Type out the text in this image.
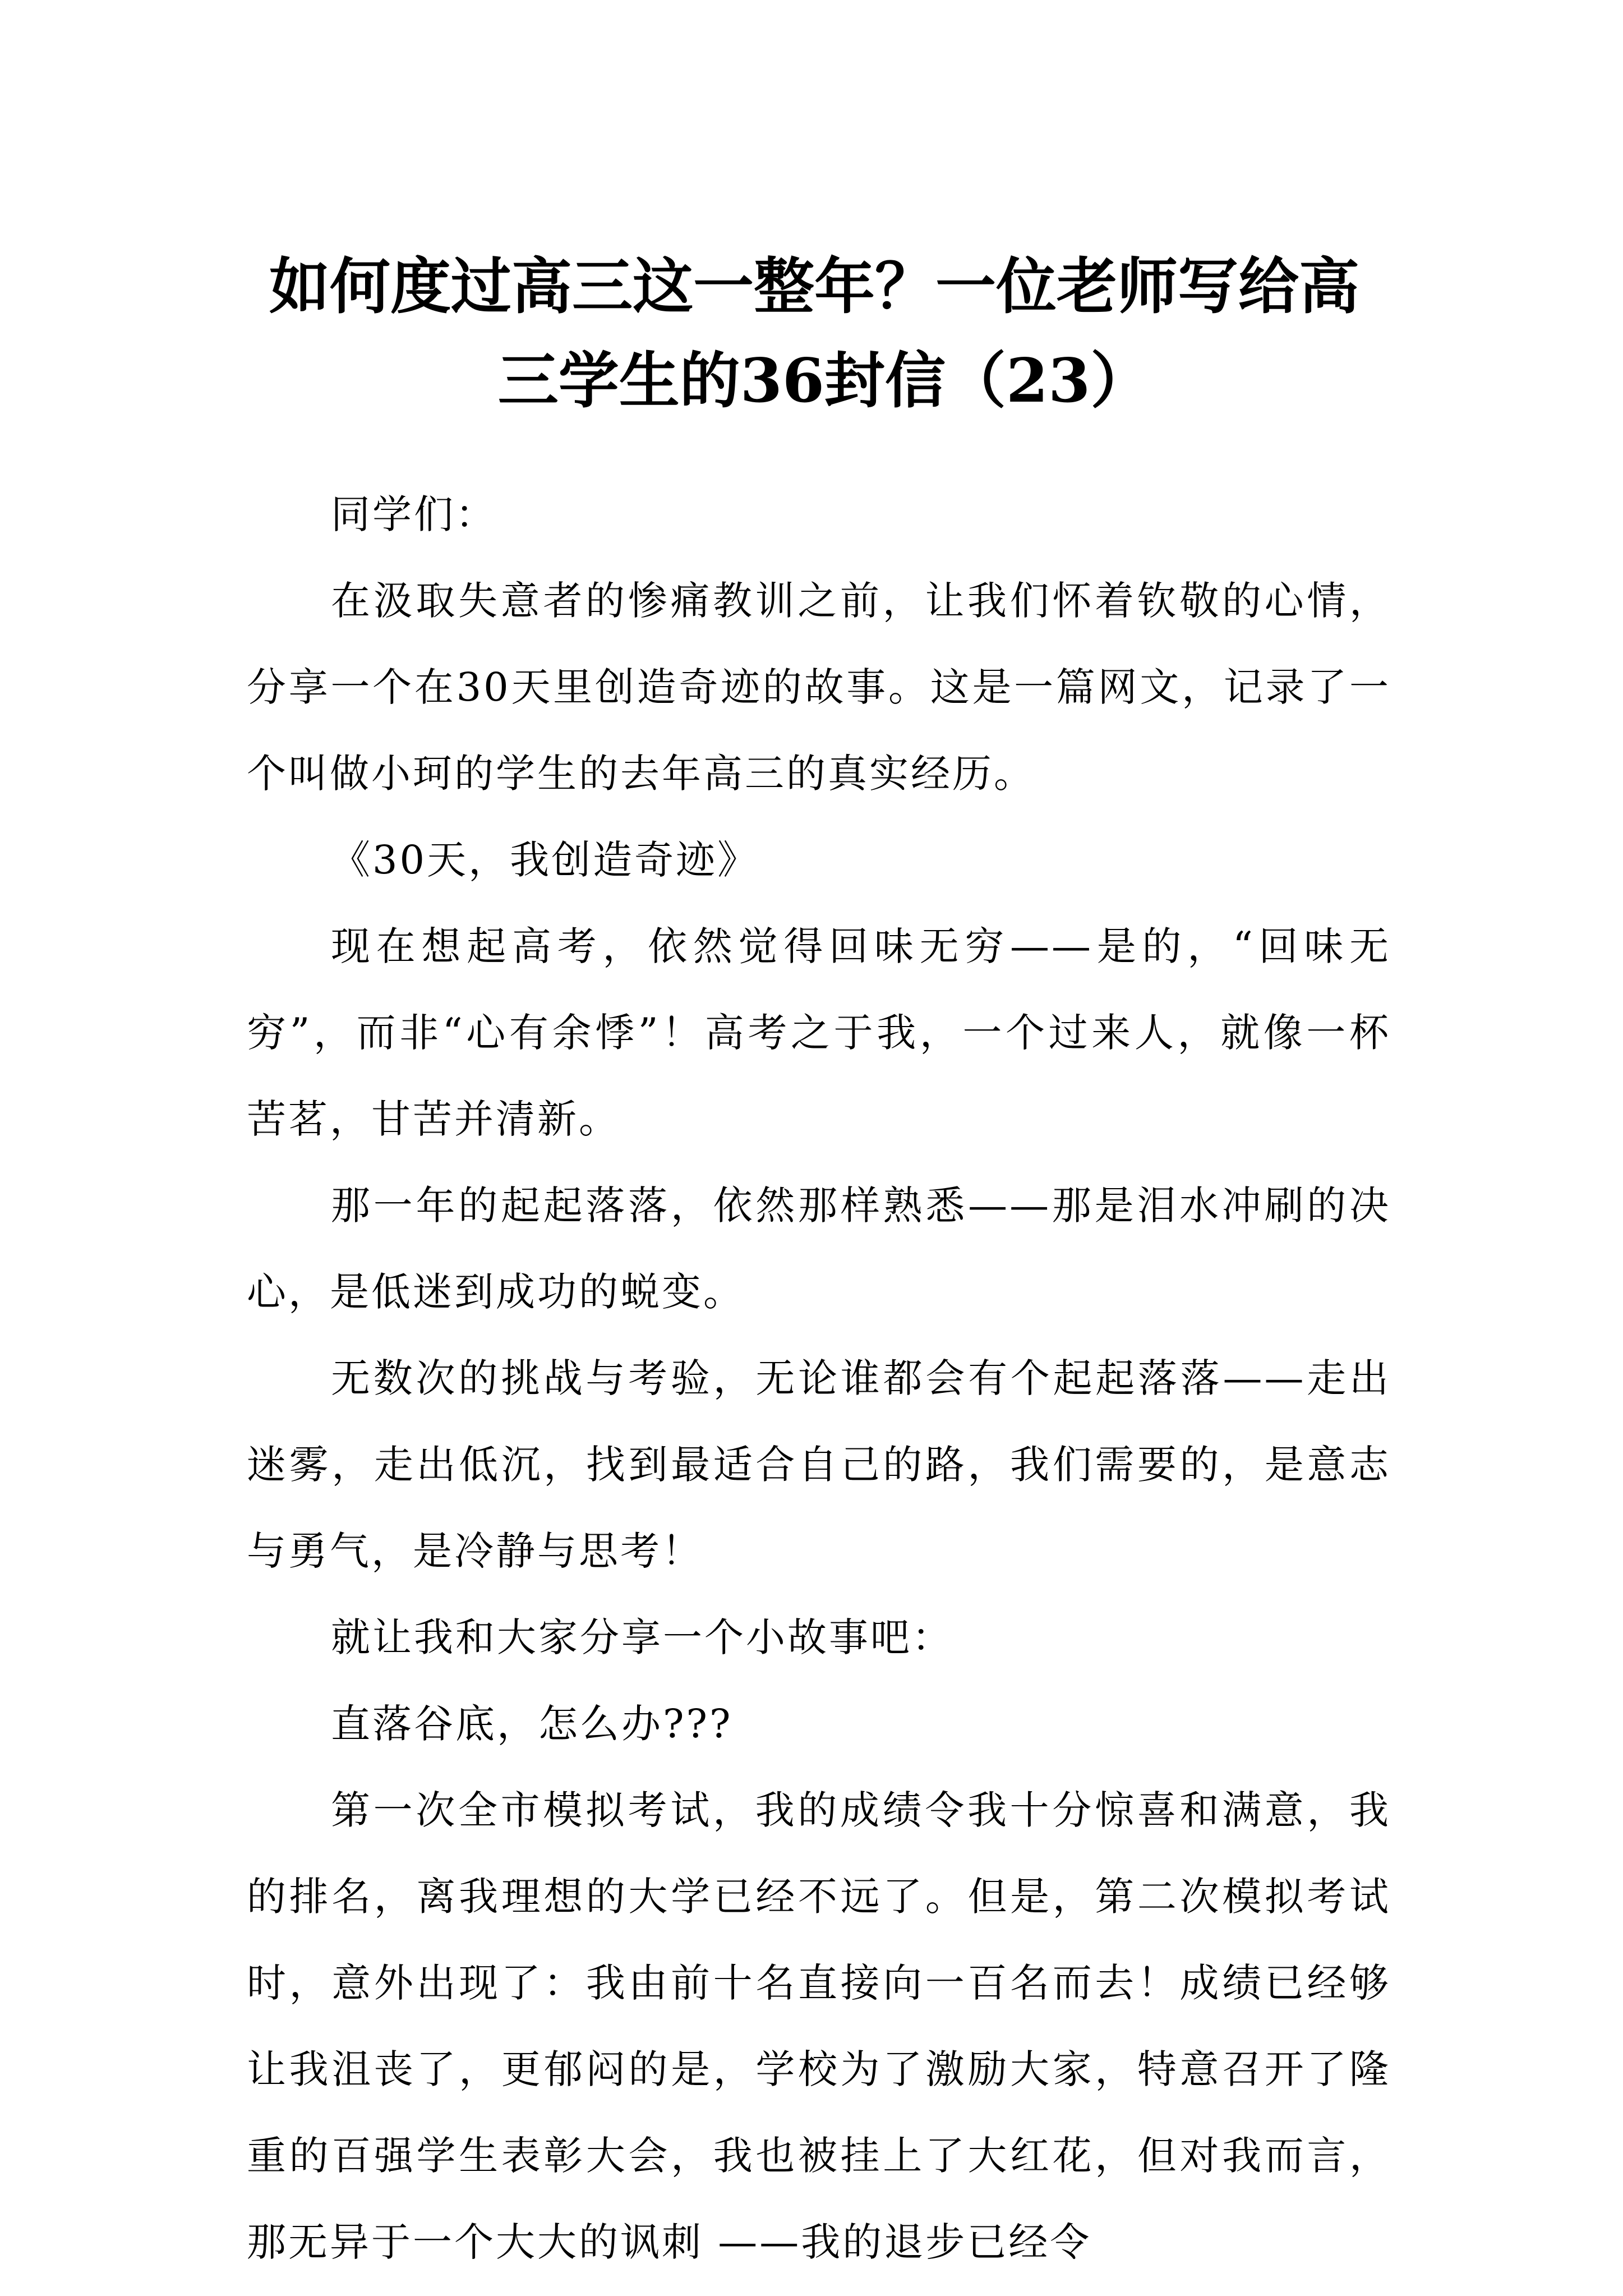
如何度过高三这一整年？一位老师写给高
三学生的36封信（23）

同学们：

在汲取失意者的惨痛教训之前，让我们怀着钦敬的心情，分享一个在30天里创造奇迹的故事。这是一篇网文，记录了一个叫做小珂的学生的去年高三的真实经历。

《30天，我创造奇迹》

现在想起高考，依然觉得回味无穷——是的，“回味无穷”，而非“心有余悸”！高考之于我，一个过来人，就像一杯苦茗，甘苦并清新。

那一年的起起落落，依然那样熟悉——那是泪水冲刷的决心，是低迷到成功的蜕变。

无数次的挑战与考验，无论谁都会有个起起落落——走出迷雾，走出低沉，找到最适合自己的路，我们需要的，是意志与勇气，是冷静与思考！

就让我和大家分享一个小故事吧：

直落谷底，怎么办???

第一次全市模拟考试，我的成绩令我十分惊喜和满意，我的排名，离我理想的大学已经不远了。但是，第二次模拟考试时，意外出现了：我由前十名直接向一百名而去！成绩已经够让我沮丧了，更郁闷的是，学校为了激励大家，特意召开了隆重的百强学生表彰大会，我也被挂上了大红花，但对我而言，那无异于一个大大的讽刺 ——我的退步已经令
